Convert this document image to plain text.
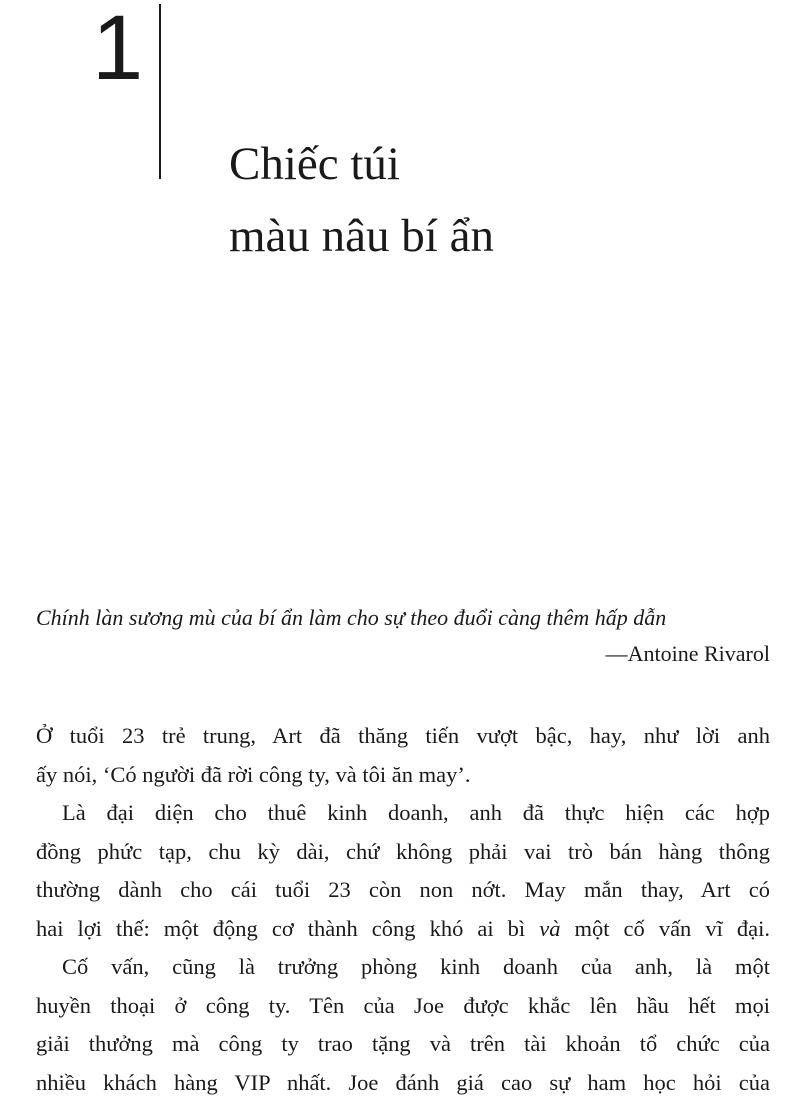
1
Chiếc túi
màu nâu bí ẩn

Chính làn sương mù của bí ẩn làm cho sự theo đuổi càng thêm hấp dẫn

—Antoine Rivarol

Ở tuổi 23 trẻ trung, Art đã thăng tiến vượt bậc, hay, như lời anh
ấy nói, ‘Có người đã rời công ty, và tôi ăn may’.

Là đại diện cho thuê kinh doanh, anh đã thực hiện các hợp
đồng phức tạp, chu kỳ dài, chứ không phải vai trò bán hàng thông
thường dành cho cái tuổi 23 còn non nớt. May mắn thay, Art có
hai lợi thế: một động cơ thành công khó ai bì và một cố vấn vĩ đại.

Cố vấn, cũng là trưởng phòng kinh doanh của anh, là một
huyền thoại ở công ty. Tên của Joe được khắc lên hầu hết mọi
giải thưởng mà công ty trao tặng và trên tài khoản tổ chức của
nhiều khách hàng VIP nhất. Joe đánh giá cao sự ham học hỏi của
